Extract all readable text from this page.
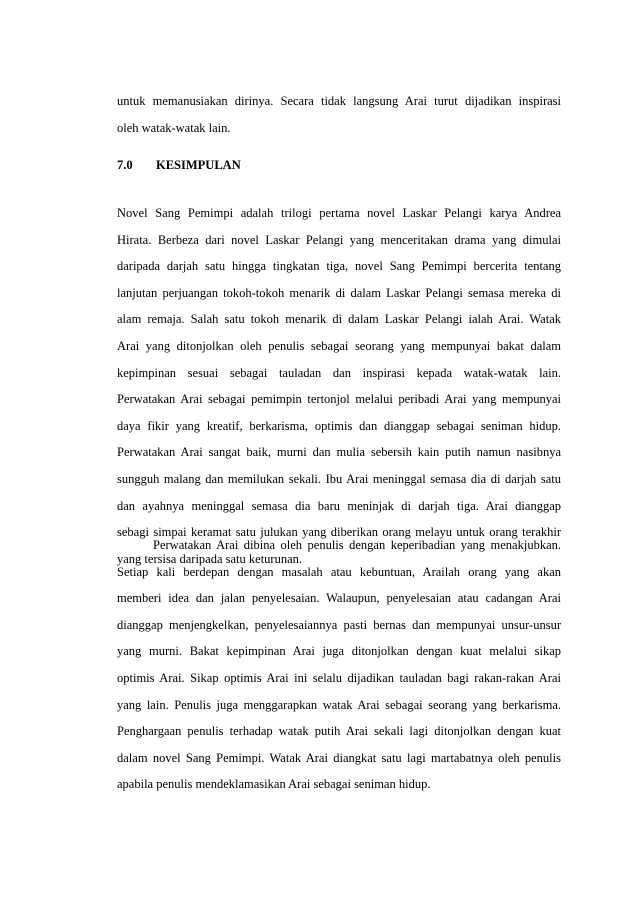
untuk memanusiakan dirinya. Secara tidak langsung Arai turut dijadikan inspirasi
oleh watak-watak lain.
7.0 KESIMPULAN
Novel Sang Pemimpi adalah trilogi pertama novel Laskar Pelangi karya Andrea
Hirata. Berbeza dari novel Laskar Pelangi yang menceritakan drama yang dimulai
daripada darjah satu hingga tingkatan tiga, novel Sang Pemimpi bercerita tentang
lanjutan perjuangan tokoh-tokoh menarik di dalam Laskar Pelangi semasa mereka di
alam remaja. Salah satu tokoh menarik di dalam Laskar Pelangi ialah Arai. Watak
Arai yang ditonjolkan oleh penulis sebagai seorang yang mempunyai bakat dalam
kepimpinan sesuai sebagai tauladan dan inspirasi kepada watak-watak lain.
Perwatakan Arai sebagai pemimpin tertonjol melalui peribadi Arai yang mempunyai
daya fikir yang kreatif, berkarisma, optimis dan dianggap sebagai seniman hidup.
Perwatakan Arai sangat baik, murni dan mulia sebersih kain putih namun nasibnya
sungguh malang dan memilukan sekali. Ibu Arai meninggal semasa dia di darjah satu
dan ayahnya meninggal semasa dia baru meninjak di darjah tiga. Arai dianggap
sebagi simpai keramat satu julukan yang diberikan orang melayu untuk orang terakhir
yang tersisa daripada satu keturunan.
Perwatakan Arai dibina oleh penulis dengan keperibadian yang menakjubkan.
Setiap kali berdepan dengan masalah atau kebuntuan, Arailah orang yang akan
memberi idea dan jalan penyelesaian. Walaupun, penyelesaian atau cadangan Arai
dianggap menjengkelkan, penyelesaiannya pasti bernas dan mempunyai unsur-unsur
yang murni. Bakat kepimpinan Arai juga ditonjolkan dengan kuat melalui sikap
optimis Arai. Sikap optimis Arai ini selalu dijadikan tauladan bagi rakan-rakan Arai
yang lain. Penulis juga menggarapkan watak Arai sebagai seorang yang berkarisma.
Penghargaan penulis terhadap watak putih Arai sekali lagi ditonjolkan dengan kuat
dalam novel Sang Pemimpi. Watak Arai diangkat satu lagi martabatnya oleh penulis
apabila penulis mendeklamasikan Arai sebagai seniman hidup.
